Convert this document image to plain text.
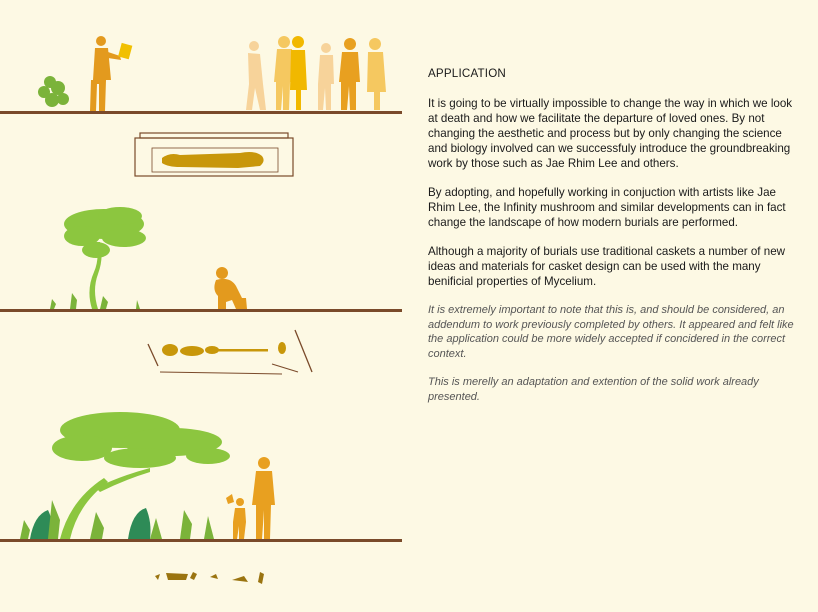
APPLICATION

It is going to be virtually impossible to change the way in which we look at death and how we facilitate the departure of loved ones. By not changing the aesthetic and process but by only changing the science and biology involved can we successfuly introduce the groundbreaking work by those such as Jae Rhim Lee and others.

By adopting, and hopefully working in conjuction with artists like Jae Rhim Lee, the Infinity mushroom and similar developments can in fact change the landscape of how modern burials are performed.

Although a majority of burials use traditional caskets a number of new ideas and materials for casket design can be used with the many benificial properties of Mycelium.

It is extremely important to note that this is, and should be considered, an addendum to work previously completed by others. It appeared and felt like the application could be more widely accepted if concidered in the correct context.

This is merelly an adaptation and extention of the solid work already presented.
